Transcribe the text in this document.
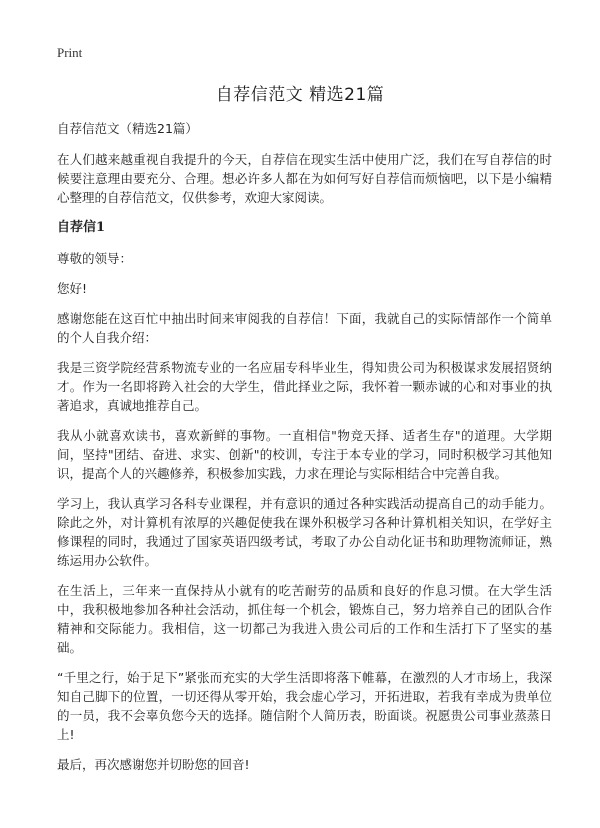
Print
自荐信范文 精选21篇

自荐信范文（精选21篇）

在人们越来越重视自我提升的今天，自荐信在现实生活中使用广泛，我们在写自荐信的时候要注意理由要充分、合理。想必许多人都在为如何写好自荐信而烦恼吧，以下是小编精心整理的自荐信范文，仅供参考，欢迎大家阅读。

自荐信1

尊敬的领导：

您好!

感谢您能在这百忙中抽出时间来审阅我的自荐信！下面，我就自己的实际情部作一个简单的个人自我介绍：

我是三资学院经营系物流专业的一名应届专科毕业生，得知贵公司为积极谋求发展招贤纳才。作为一名即将跨入社会的大学生，借此择业之际，我怀着一颗赤诚的心和对事业的执著追求，真诚地推荐自己。

我从小就喜欢读书，喜欢新鲜的事物。一直相信"物竞天择、适者生存"的道理。大学期间，坚持"团结、奋进、求实、创新"的校训，专注于本专业的学习，同时积极学习其他知识，提高个人的兴趣修养，积极参加实践，力求在理论与实际相结合中完善自我。

学习上，我认真学习各科专业课程，并有意识的通过各种实践活动提高自己的动手能力。除此之外，对计算机有浓厚的兴趣促使我在课外积极学习各种计算机相关知识，在学好主修课程的同时，我通过了国家英语四级考试，考取了办公自动化证书和助理物流师证，熟练运用办公软件。

在生活上，三年来一直保持从小就有的吃苦耐劳的品质和良好的作息习惯。在大学生活中，我积极地参加各种社会活动，抓住每一个机会，锻炼自己，努力培养自己的团队合作精神和交际能力。我相信，这一切都己为我进入贵公司后的工作和生活打下了坚实的基础。

“千里之行，始于足下”紧张而充实的大学生活即将落下帷幕，在激烈的人才市场上，我深知自己脚下的位置，一切还得从零开始，我会虚心学习，开拓进取，若我有幸成为贵单位的一员，我不会辜负您今天的选择。随信附个人简历表，盼面谈。祝愿贵公司事业蒸蒸日上!

最后，再次感谢您并切盼您的回音!
